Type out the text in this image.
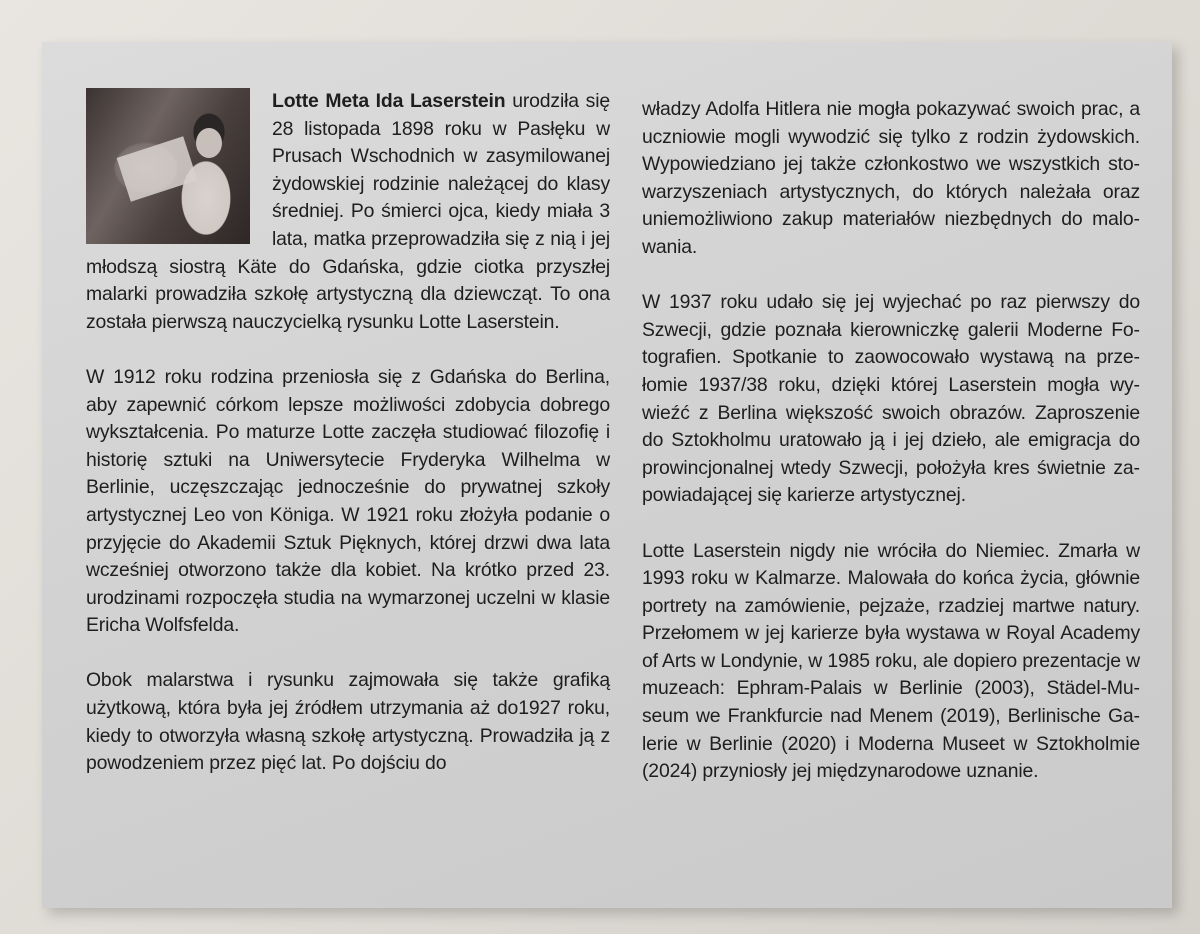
Lotte Meta Ida Laserstein urodziła się 28 listopada 1898 roku w Pasłęku w Prusach Wschodnich w zasymilowanej żydowskiej rodzinie należącej do klasy średniej. Po śmierci ojca, kiedy miała 3 lata, matka przeprowadziła się z nią i jej młodszą siostrą Käte do Gdańska, gdzie ciotka przyszłej malarki prowadziła szkołę artystyczną dla dziewcząt. To ona została pierwszą nauczycielką rysunku Lotte Laserstein.

W 1912 roku rodzina przeniosła się z Gdańska do Berlina, aby zapewnić córkom lepsze możliwości zdobycia dobrego wykształcenia. Po maturze Lotte zaczęła studiować filozofię i historię sztuki na Uniwersytecie Fryderyka Wilhelma w Berlinie, uczęszczając jednocześnie do prywatnej szkoły artystycznej Leo von Königa. W 1921 roku złożyła podanie o przyjęcie do Akademii Sztuk Pięknych, której drzwi dwa lata wcześniej otworzono także dla kobiet. Na krótko przed 23. urodzinami rozpoczęła studia na wymarzonej uczelni w klasie Ericha Wolfsfelda.

Obok malarstwa i rysunku zajmowała się także grafiką użytkową, która była jej źródłem utrzymania aż do1927 roku, kiedy to otworzyła własną szkołę artystyczną. Prowadziła ją z powodzeniem przez pięć lat. Po dojściu do

władzy Adolfa Hitlera nie mogła pokazywać swoich prac, a uczniowie mogli wywodzić się tylko z rodzin żydowskich. Wypowiedziano jej także członkostwo we wszystkich stowarzyszeniach artystycznych, do których należała oraz uniemożliwiono zakup materiałów niezbędnych do malowania.

W 1937 roku udało się jej wyjechać po raz pierwszy do Szwecji, gdzie poznała kierowniczkę galerii Moderne Fotografien. Spotkanie to zaowocowało wystawą na przełomie 1937/38 roku, dzięki której Laserstein mogła wywieźć z Berlina większość swoich obrazów. Zaproszenie do Sztokholmu uratowało ją i jej dzieło, ale emigracja do prowincjonalnej wtedy Szwecji, położyła kres świetnie zapowiadającej się karierze artystycznej.

Lotte Laserstein nigdy nie wróciła do Niemiec. Zmarła w 1993 roku w Kalmarze. Malowała do końca życia, głównie portrety na zamówienie, pejzaże, rzadziej martwe natury. Przełomem w jej karierze była wystawa w Royal Academy of Arts w Londynie, w 1985 roku, ale dopiero prezentacje w muzeach: Ephram-Palais w Berlinie (2003), Städel-Museum we Frankfurcie nad Menem (2019), Berlinische Galerie w Berlinie (2020) i Moderna Museet w Sztokholmie (2024) przyniosły jej międzynarodowe uznanie.
